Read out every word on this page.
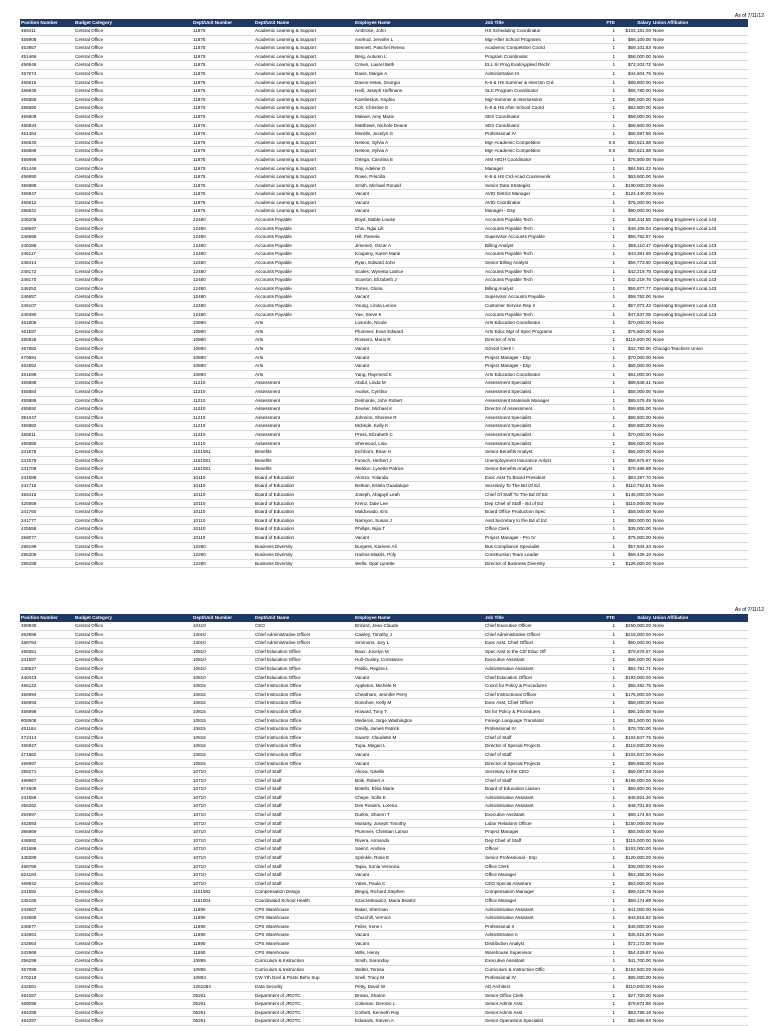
As of 7/11/12
Position Number	Budget Category	Dept/Unit Number	Dept/Unit Name	Employee Name	Job Title	FTE	Salary	Union Affiliation
456411	Central Office	11875	Academic Learning & Support	Ambrose, John	HS Scheduling Coordinator	1	$104,181.00	None
455908	Central Office	11875	Academic Learning & Support	Axelrod, Jennifer L	Mgr-After School Programs	1	$86,100.00	None
453957	Central Office	11875	Academic Learning & Support	Bennett, Paschel Renea	Academic Competition Coord	1	$69,101.83	None
451466	Central Office	11875	Academic Learning & Support	Berg, Autumn L	Program Coordinator	1	$56,000.00	None
456946	Central Office	11875	Academic Learning & Support	Crown, Laurel Beth	ELL Sr Prog Eval/Applied Rschr	1	$72,202.72	None
457674	Central Office	11875	Academic Learning & Support	Davis, Margie A	Administrative III	1	$44,604.76	None
455816	Central Office	11875	Academic Learning & Support	Davos-Vetas, Georgia	K-8 & HS Summer & Intercsn Crd	1	$89,800.00	None
456945	Central Office	11875	Academic Learning & Support	Heill, Joseph Hoffmann	SLC Program Coordinator	1	$66,780.00	None
455858	Central Office	11875	Academic Learning & Support	Kambestos, Sophia	Mgr-Summer & Intersession	1	$95,000.00	None
456890	Central Office	11875	Academic Learning & Support	Koh, Christine E	K-8 & HS After School Coord	1	$83,800.00	None
455809	Central Office	11875	Academic Learning & Support	Malave, Amy Marie	SES Coordinator	1	$58,000.00	None
455834	Central Office	11875	Academic Learning & Support	Matthews, Nichole Deane	SES Coordinator	1	$69,600.00	None
451464	Central Office	11875	Academic Learning & Support	Morelle, Jocelyn G	Professional IV	1	$66,597.58	None
456540	Central Office	11875	Academic Learning & Support	Nelson, Sylvia A	Mgr-Academic Competition	0.5	$50,521.68	None
456589	Central Office	11875	Academic Learning & Support	Nelson, Sylvia A	Mgr-Academic Competition	0.5	$50,521.68	None
456696	Central Office	11875	Academic Learning & Support	Ortega, Carolina E	AIM HIGH Coordinator	1	$76,500.00	None
451446	Central Office	11875	Academic Learning & Support	Ray, Adeline O	Manager	1	$84,591.22	None
456990	Central Office	11875	Academic Learning & Support	Rowe, Priscilla	K-8 & HS Crd-Acad Coursework	1	$63,600.00	None
455888	Central Office	11875	Academic Learning & Support	Smith, Michael Ronald	Senior Data Strategist	1	$100,000.00	None
456947	Central Office	11875	Academic Learning & Support	Vacant	AVID District Manager	1	$124,440.00	None
455812	Central Office	11875	Academic Learning & Support	Vacant	AVID Coordinator	1	$75,000.00	None
258541	Central Office	11875	Academic Learning & Support	Vacant	Manager - Esp	1	$80,000.00	None
246208	Central Office	12480	Accounts Payable	Boyd, Mable Louise	Accounts Payable Tech	1	$48,344.55	Operating Engineers Local 143
248597	Central Office	12480	Accounts Payable	Chiu, Ngai Lik	Accounts Payable Tech	1	$49,105.04	Operating Engineers Local 143
246656	Central Office	12480	Accounts Payable	Hill, Pamela	Supervisor Accounts Payable	1	$58,752.67	None
246286	Central Office	12480	Accounts Payable	Jimenez, Oscar A	Billing Analyst	1	$59,110.47	Operating Engineers Local 143
246117	Central Office	12480	Accounts Payable	Koupeny, Karen Marie	Accounts Payable Tech	1	$43,391.66	Operating Engineers Local 143
246414	Central Office	12480	Accounts Payable	Ryan, Edward John	Senior Billing Analyst	1	$56,773.60	Operating Engineers Local 143
248172	Central Office	12480	Accounts Payable	Scales, Wynetta Latrice	Accounts Payable Tech	1	$42,219.78	Operating Engineers Local 143
248170	Central Office	12480	Accounts Payable	Scanlon, Elizabeth J	Accounts Payable Tech	1	$42,219.78	Operating Engineers Local 143
246252	Central Office	12480	Accounts Payable	Torres, Gloria	Billing Analyst	1	$59,877.77	Operating Engineers Local 143
246657	Central Office	12480	Accounts Payable	Vacant	Supervisor Accounts Payable	1	$58,752.00	None
246107	Central Office	12480	Accounts Payable	Young, Linda Lenice	Customer Service Rep II	1	$57,073.43	Operating Engineers Local 143
246390	Central Office	12480	Accounts Payable	Yue, Steve K	Accounts Payable Tech	1	$47,637.05	Operating Engineers Local 143
461806	Central Office	10890	Arts	Losurdo, Nicole	Arts Education Coordinator	1	$70,000.00	None
461597	Central Office	10890	Arts	Plummer, Evan Edward	Arts Educ Mgr of Spec Programs	1	$76,500.00	None
455928	Central Office	10890	Arts	Rossero, Mario R	Director of Arts	1	$115,000.00	None
467882	Central Office	10890	Arts	Vacant	School Clerk I	1	$32,783.00	Chicago Teachers Union
470691	Central Office	10890	Arts	Vacant	Project Manager - Esp	1	$70,000.00	None
462852	Central Office	10890	Arts	Vacant	Project Manager - Esp	1	$65,000.00	None
461598	Central Office	10890	Arts	Yang, Raymond K	Arts Education Coordinator	1	$64,000.00	None
455888	Central Office	11210	Assessment	Abdul, Linda M	Assessment Specialist	1	$89,648.41	None
455884	Central Office	11210	Assessment	Avalos, Cynthia	Assessment Specialist	1	$58,000.00	None
455889	Central Office	11210	Assessment	Delmonte, John Robert	Assessment Materials Manager	1	$89,576.49	None
455692	Central Office	11210	Assessment	Deuser, Michael K	Director of Assessment	1	$99,855.00	None
391047	Central Office	11210	Assessment	Johnson, Sherese R	Assessment Specialist	1	$88,500.00	None
455882	Central Office	11210	Assessment	Mcbride, Kelly K	Assessment Specialist	1	$69,800.00	None
455811	Central Office	11210	Assessment	Press, Elizabeth C	Assessment Specialist	1	$70,000.00	None
455885	Central Office	11210	Assessment	Sherwood, Lisa	Assessment Specialist	1	$58,000.00	None
241878	Central Office	1101081	Benefits	Eichhorn, Brian H	Senior Benefits Analyst	1	$55,000.00	None
241679	Central Office	1101081	Benefits	Funsch, Herbert J	Unemployment Insurance Anlyst	1	$58,976.87	None
241708	Central Office	1101081	Benefits	Weldon, Lynette Patrice	Senior Benefits Analyst	1	$78,488.89	None
241888	Central Office	10110	Board of Education	Alonzo, Yolanda	Exec Asst To Board President	1	$83,297.70	None
241716	Central Office	10110	Board of Education	Beltran, Estela Guadalupe	Secretary To The Bd Of Ed	1	$110,752.51	None
456415	Central Office	10110	Board of Education	Joseph, Abigayil Leah	Chief Of Staff To The Bd Of Ed	1	$145,000.00	None
425559	Central Office	10110	Board of Education	Krenz, Dale Lee	Dep Chief of Staff - Bd of Ed	1	$115,000.00	None
241760	Central Office	10110	Board of Education	Maldonado, Eric	Board Office Production Spec	1	$58,000.00	None
241777	Central Office	10110	Board of Education	Narrejon, Susan J	Asst Secretary to the Bd of Ed	1	$80,000.00	None
425558	Central Office	10110	Board of Education	Phillips, Nijia T	Office Clerk	1	$35,000.00	None
258077	Central Office	10110	Board of Education	Vacant	Project Manager - Pro IV	1	$75,000.00	None
295199	Central Office	12280	Business Diversity	Burgess, Kareem Ali	Bus Compliance Specialist	1	$57,944.33	None
295205	Central Office	12280	Business Diversity	Haritos-Makris, Poly	Construction Team Leader	1	$69,439.19	None
295288	Central Office	12280	Business Diversity	Wells, Opal Lynette	Director of Business Diversity	1	$126,000.00	None
As of 7/11/12
Position Number	Budget Category	Dept/Unit Number	Dept/Unit Name	Employee Name	Job Title	FTE	Salary	Union Affiliation
489936	Central Office	10410	CEO	Brizard, Jean-Claude	Chief Executive Officer	1	$250,000.00	None
262996	Central Office	14010	Chief Administrative Officer	Cawley, Timothy J	Chief Administrative Officer	1	$215,000.00	None
458764	Central Office	14010	Chief Administrative Officer	Simmons, Jory L	Exec Asst, Chief Officer	1	$60,000.00	None
455651	Central Office	10810	Chief Education Office	Baux, Jocelyn M	Spec Asst to the Chf Educ Off	1	$78,676.57	None
241897	Central Office	10810	Chief Education Office	Hull-Ousley, Constance	Executive Assistant	1	$66,000.00	None
248527	Central Office	10810	Chief Education Office	Patillo, Regina L	Administrative Assistant	1	$84,791.71	None
440443	Central Office	10810	Chief Education Office	Vacant	Chief Education Officer	1	$193,000.00	None
456122	Central Office	10815	Chief Instruction Office	Appleton, Michele N	Coord for Policy & Procedures	1	$56,482.75	None
456994	Central Office	10815	Chief Instruction Office	Cheatham, Jennifer Perry	Chief Instructional Officer	1	$175,000.00	None
456993	Central Office	10815	Chief Instruction Office	Donohoe, Kelly M	Exec Asst, Chief Officer	1	$58,000.00	None
456996	Central Office	10815	Chief Instruction Office	Howard, Tony T	Dir for Policy & Procedures	1	$95,100.00	None
808508	Central Office	10815	Chief Instruction Office	Mederos, Jorge Washington	Foreign Language Translator	1	$51,500.00	None
461164	Central Office	10815	Chief Instruction Office	Oreilly, James Patrick	Professional IV	1	$78,700.00	None
472414	Central Office	10815	Chief Instruction Office	Swartz, Claudette M	Chief of Staff	1	$104,847.75	None
455927	Central Office	10815	Chief Instruction Office	Tupa, Megan L	Director of Special Projects	1	$118,000.00	None
471862	Central Office	10815	Chief Instruction Office	Vacant	Chief of Staff	1	$104,847.00	None
456997	Central Office	10815	Chief Instruction Office	Vacant	Director of Special Projects	1	$99,855.00	None
255271	Central Office	10710	Chief of Staff	Alicea, Giselle	Secretary to the CEO	1	$69,087.93	None
489967	Central Office	10710	Chief of Staff	Boik, Robert A	Chief of Staff	1	$165,000.00	None
874805	Central Office	10710	Chief of Staff	Botello, Elisa Marie	Board of Education Liaison	1	$69,800.00	None
241858	Central Office	10710	Chief of Staff	Chepe, Sofie E	Administrative Assistant	1	$46,824.26	None
255262	Central Office	10710	Chief of Staff	Des Rosiers, Lorena	Administrative Assistant	1	$48,701.63	None
254997	Central Office	10710	Chief of Staff	Durkin, Sharon T	Executive Assistant	1	$69,174.94	None
462893	Central Office	10710	Chief of Staff	Moriarty, Joseph Timothy	Labor Relations Officer	1	$150,000.00	None
386869	Central Office	10710	Chief of Staff	Plummer, Christian Lamar	Project Manager	1	$55,000.00	None
448582	Central Office	10710	Chief of Staff	Rivera, Armando	Dep Chief of Staff	1	$115,000.00	None
461686	Central Office	10710	Chief of Staff	Saenz, Andrea	Officer	1	$163,000.00	None
448289	Central Office	10710	Chief of Staff	Sprinkle, Rose E	Senior Professional - Esp	1	$120,000.00	None
458766	Central Office	10710	Chief of Staff	Tapia, Sonia Veronica	Office Clerk	1	$38,000.00	None
824184	Central Office	10710	Chief of Staff	Vacant	Office Manager	1	$62,356.00	None
469942	Central Office	10710	Chief of Staff	Yates, Paula C	CEO Special Assistant	1	$63,000.00	None
241892	Central Office	1101082	Compensation Design	Blegaj, Richard Stephen	Compensation Manager	1	$99,318.79	None
245166	Central Office	1161004	Coordinated School Health	Szaczeskowicz, Maria Beatriz	Office Manager	1	$69,174.89	None
242667	Central Office	11890	CPS Warehouse	Baker, Sherman	Administrative Assistant	1	$41,000.00	None
242669	Central Office	11890	CPS Warehouse	Churchill, Vernice	Administrative Assistant	1	$44,816.62	None
246577	Central Office	11890	CPS Warehouse	Feiler, Irene I	Professional II	1	$45,000.00	None
242661	Central Office	11890	CPS Warehouse	Vacant	Administrative II	1	$35,616.00	None
242664	Central Office	11890	CPS Warehouse	Vacant	Distribution Analyst	1	$72,172.00	None
242668	Central Office	11890	CPS Warehouse	Wills, Henry	Warehouse Supervisor	1	$54,429.87	None
256299	Central Office	10895	Curriculum & Instruction	Smith, Saronday	Executive Assistant	1	$41,700.00	None
457098	Central Office	10895	Curriculum & Instruction	Walter, Teresa	Curriculum & Instruction Offic	1	$152,500.00	None
470218	Central Office	10893	CW Yth Devl & Postv Behv Sup	Snell, Tracy M	Professional IV	1	$85,000.00	None
442561	Central Office	1251064	Data Security	Petty, David W	AD Architect	1	$110,000.00	None
484287	Central Office	05261	Department of JROTC	Brown, Sharon	Senior Office Clerk	1	$27,700.00	None
469095	Central Office	05261	Department of JROTC	Coleman, Deronic L	Senior Admin Asst	1	$79,874.88	None
484289	Central Office	05261	Department of JROTC	Corbett, Kenneth Ray	Senior Admin Asst	1	$83,788.19	None
484297	Central Office	05261	Department of JROTC	Edwards, Steven A	Senior Operations Specialist	1	$82,666.93	None
